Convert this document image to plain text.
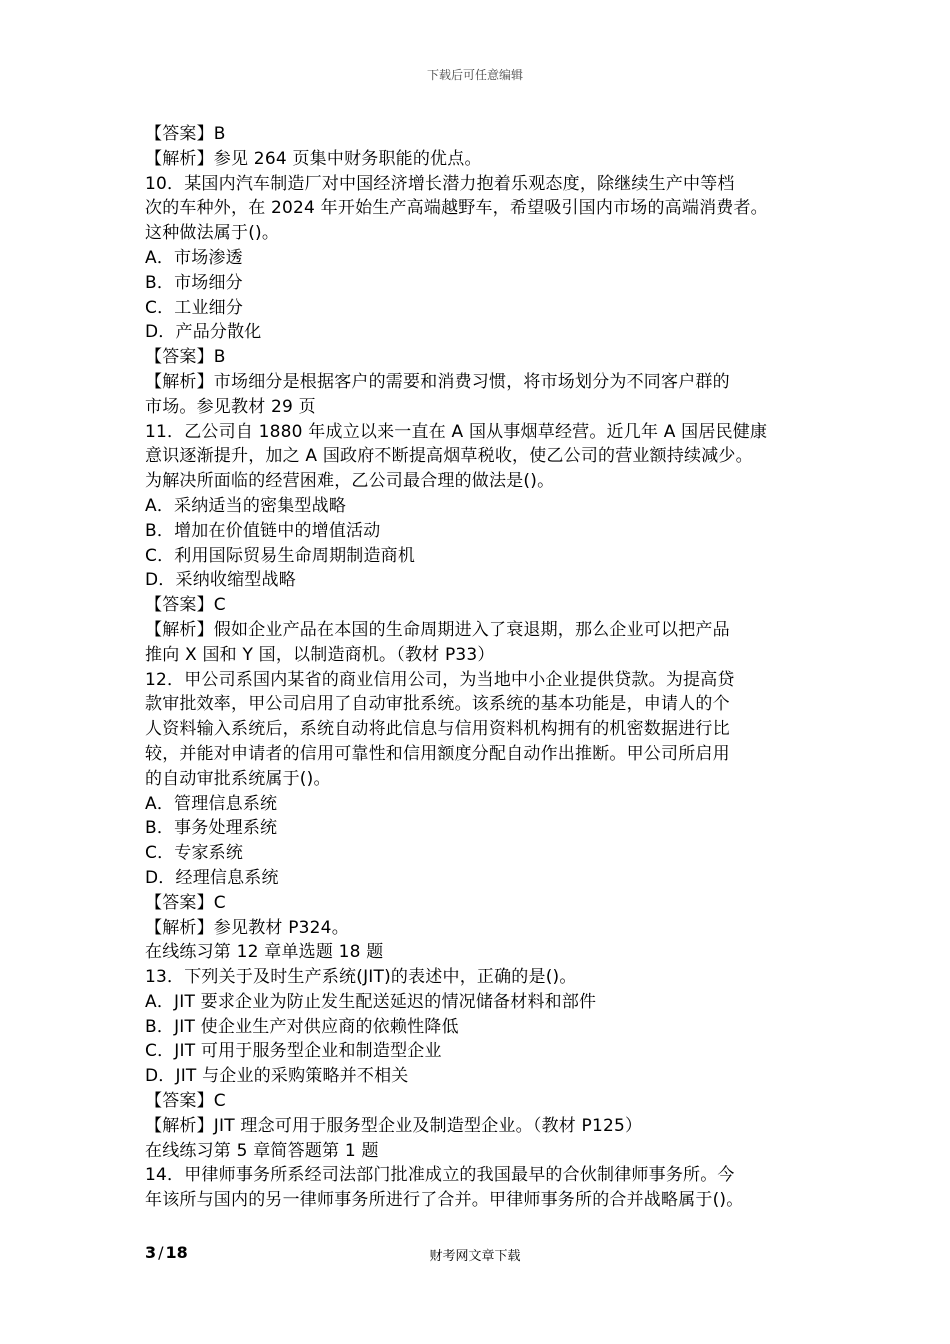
下载后可任意编辑
【答案】B
【解析】参见 264 页集中财务职能的优点。
10．某国内汽车制造厂对中国经济增长潜力抱着乐观态度，除继续生产中等档
次的车种外，在 2024 年开始生产高端越野车，希望吸引国内市场的高端消费者。
这种做法属于()。
A．市场渗透
B．市场细分
C．工业细分
D．产品分散化
【答案】B
【解析】市场细分是根据客户的需要和消费习惯，将市场划分为不同客户群的
市场。参见教材 29 页
11．乙公司自 1880 年成立以来一直在 A 国从事烟草经营。近几年 A 国居民健康
意识逐渐提升，加之 A 国政府不断提高烟草税收，使乙公司的营业额持续减少。
为解决所面临的经营困难，乙公司最合理的做法是()。
A．采纳适当的密集型战略
B．增加在价值链中的增值活动
C．利用国际贸易生命周期制造商机
D．采纳收缩型战略
【答案】C
【解析】假如企业产品在本国的生命周期进入了衰退期，那么企业可以把产品
推向 X 国和 Y 国，以制造商机。（教材 P33）
12．甲公司系国内某省的商业信用公司，为当地中小企业提供贷款。为提高贷
款审批效率，甲公司启用了自动审批系统。该系统的基本功能是，申请人的个
人资料输入系统后，系统自动将此信息与信用资料机构拥有的机密数据进行比
较，并能对申请者的信用可靠性和信用额度分配自动作出推断。甲公司所启用
的自动审批系统属于()。
A．管理信息系统
B．事务处理系统
C．专家系统
D．经理信息系统
【答案】C
【解析】参见教材 P324。
在线练习第 12 章单选题 18 题
13．下列关于及时生产系统(JIT)的表述中，正确的是()。
A．JIT 要求企业为防止发生配送延迟的情况储备材料和部件
B．JIT 使企业生产对供应商的依赖性降低
C．JIT 可用于服务型企业和制造型企业
D．JIT 与企业的采购策略并不相关
【答案】C
【解析】JIT 理念可用于服务型企业及制造型企业。（教材 P125）
在线练习第 5 章简答题第 1 题
14．甲律师事务所系经司法部门批准成立的我国最早的合伙制律师事务所。今
年该所与国内的另一律师事务所进行了合并。甲律师事务所的合并战略属于()。
3 / 18	财考网文章下载
